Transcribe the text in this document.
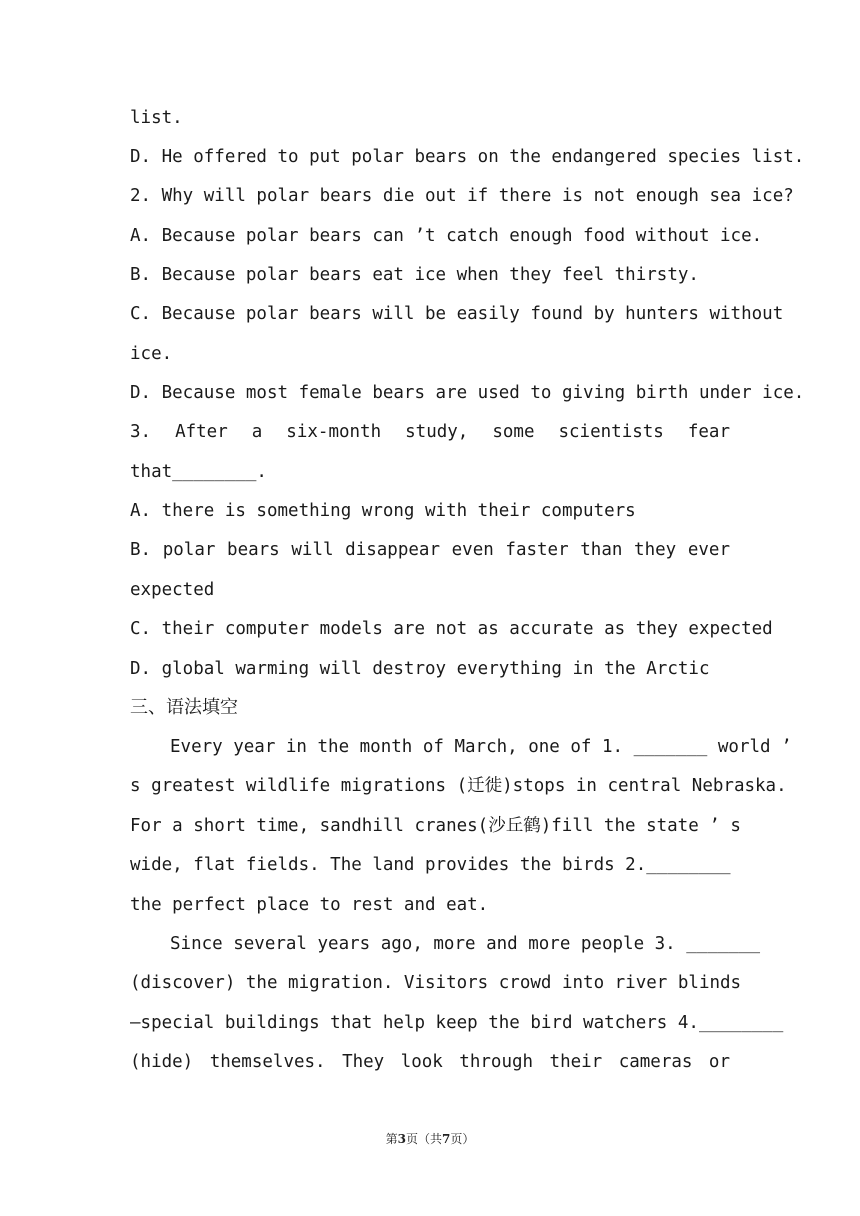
list.
D. He offered to put polar bears on the endangered species list.
2. Why will polar bears die out if there is not enough sea ice?
A. Because polar bears can ’t catch enough food without ice.
B. Because polar bears eat ice when they feel thirsty.
C. Because polar bears will be easily found by hunters without
ice.
D. Because most female bears are used to giving birth under ice.
3. After a six-month study, some scientists fear
that________.
A. there is something wrong with their computers
B. polar bears will disappear even faster than they ever
expected
C. their computer models are not as accurate as they expected
D. global warming will destroy everything in the Arctic
三、语法填空
Every year in the month of March, one of 1. _______ world ’
s greatest wildlife migrations (迁徙)stops in central Nebraska.
For a short time, sandhill cranes(沙丘鹤)fill the state ’ s
wide, flat fields. The land provides the birds 2.________
the perfect place to rest and eat.
Since several years ago, more and more people 3. _______
(discover) the migration. Visitors crowd into river blinds
—special buildings that help keep the bird watchers 4.________
(hide) themselves. They look through their cameras or
第3页（共7页）
